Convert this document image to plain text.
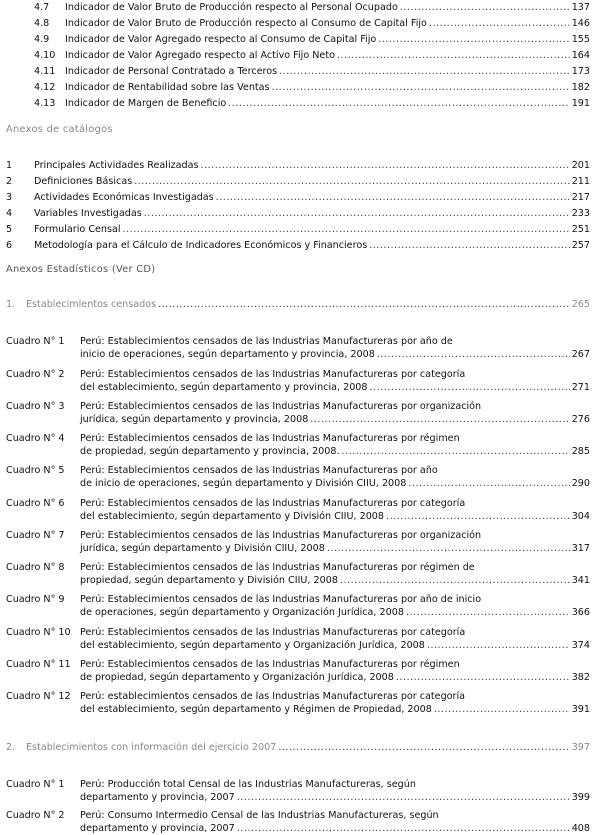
4.7	Indicador de Valor Bruto de Producción respecto al Personal Ocupado .....	137
4.8	Indicador de Valor Bruto de Producción respecto al Consumo de Capital Fijo .....	146
4.9	Indicador de Valor Agregado respecto al Consumo de Capital Fijo .....	155
4.10	Indicador de Valor Agregado respecto al Activo Fijo Neto .....	164
4.11	Indicador de Personal Contratado a Terceros .....	173
4.12	Indicador de Rentabilidad sobre las Ventas .....	182
4.13	Indicador de Margen de Beneficio .....	191
Anexos de catálogos
1	Principales Actividades Realizadas .....	201
2	Definiciones Básicas .....	211
3	Actividades Económicas Investigadas .....	217
4	Variables Investigadas .....	233
5	Formulario Censal .....	251
6	Metodología para el Cálculo de Indicadores Económicos y Financieros .....	257
Anexos Estadísticos (Ver CD)
1.	Establecimientos censados .....	265
Cuadro N° 1 Perú: Establecimientos censados de las Industrias Manufactureras por año de
inicio de operaciones, según departamento y provincia, 2008 .....	267
Cuadro N° 2 Perú: Establecimientos censados de las Industrias Manufactureras por categoría
del establecimiento, según departamento y provincia, 2008 .....	271
Cuadro N° 3 Perú: Establecimientos censados de las Industrias Manufactureras por organización
jurídica, según departamento y provincia, 2008 .....	276
Cuadro N° 4 Perú: Establecimientos censados de las Industrias Manufactureras por régimen
de propiedad, según departamento y provincia, 2008. .....	285
Cuadro N° 5 Perú: Establecimientos censados de las Industrias Manufactureras por año
de inicio de operaciones, según departamento y División CIIU, 2008 .....	290
Cuadro N° 6 Perú: Establecimientos censados de las Industrias Manufactureras por categoría
del establecimiento, según departamento y División CIIU, 2008 .....	304
Cuadro N° 7 Perú: Establecimientos censados de las Industrias Manufactureras por organización
jurídica, según departamento y División CIIU, 2008 .....	317
Cuadro N° 8 Perú: Establecimientos censados de las Industrias Manufactureras por régimen de
propiedad, según departamento y División CIIU, 2008 .....	341
Cuadro N° 9 Perú: Establecimientos censados de las Industrias Manufactureras por año de inicio
de operaciones, según departamento y Organización Jurídica, 2008 .....	366
Cuadro N° 10 Perú: Establecimientos censados de las Industrias Manufactureras por categoría
del establecimiento, según departamento y Organización Jurídica, 2008 .....	374
Cuadro N° 11 Perú: Establecimientos censados de las Industrias Manufactureras por régimen
de propiedad, según departamento y Organización Jurídica, 2008 .....	382
Cuadro N° 12 Perú: establecimientos censados de las Industrias Manufactureras por categoría
del establecimiento, según departamento y Régimen de Propiedad, 2008 .....	391
2.	Establecimientos con información del ejercicio 2007 .....	397
Cuadro N° 1 Perú: Producción total Censal de las Industrias Manufactureras, según
departamento y provincia, 2007 .....	399
Cuadro N° 2 Perú: Consumo Intermedio Censal de las Industrias Manufactureras, según
departamento y provincia, 2007 .....	408
